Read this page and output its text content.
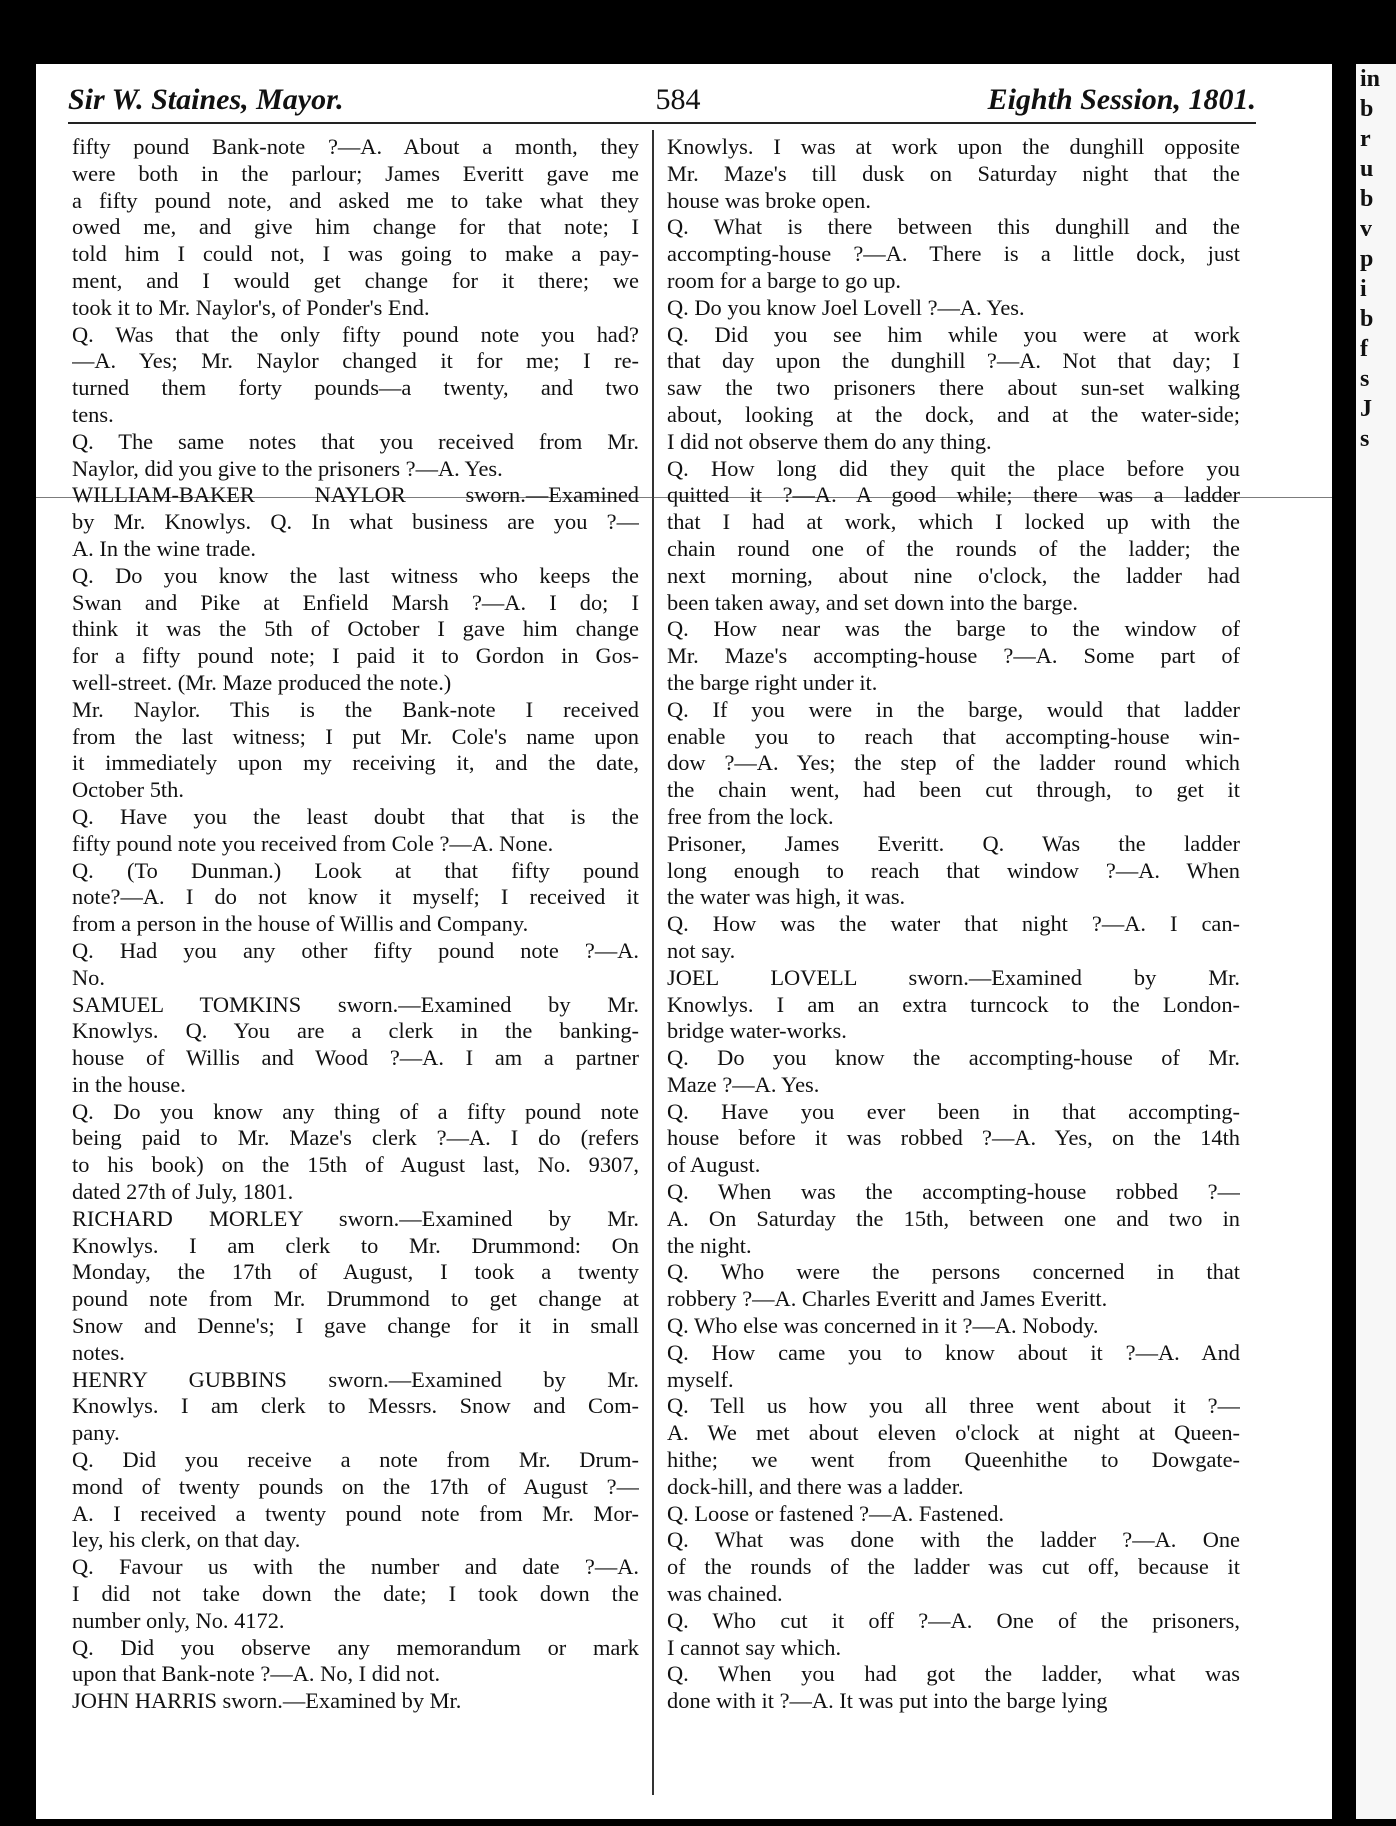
in
b
r
u
b
v
p
i
b
f
s
J
s
Sir W. Staines, Mayor.	584	Eighth Session, 1801.
fifty pound Bank-note ?—A. About a month, they
were both in the parlour; James Everitt gave me
a fifty pound note, and asked me to take what they
owed me, and give him change for that note; I
told him I could not, I was going to make a pay-
ment, and I would get change for it there; we
took it to Mr. Naylor's, of Ponder's End.
Q. Was that the only fifty pound note you had?
—A. Yes; Mr. Naylor changed it for me; I re-
turned them forty pounds—a twenty, and two
tens.
Q. The same notes that you received from Mr.
Naylor, did you give to the prisoners ?—A. Yes.
WILLIAM-BAKER NAYLOR sworn.—Examined
by Mr. Knowlys. Q. In what business are you ?—
A. In the wine trade.
Q. Do you know the last witness who keeps the
Swan and Pike at Enfield Marsh ?—A. I do; I
think it was the 5th of October I gave him change
for a fifty pound note; I paid it to Gordon in Gos-
well-street. (Mr. Maze produced the note.)
Mr. Naylor. This is the Bank-note I received
from the last witness; I put Mr. Cole's name upon
it immediately upon my receiving it, and the date,
October 5th.
Q. Have you the least doubt that that is the
fifty pound note you received from Cole ?—A. None.
Q. (To Dunman.) Look at that fifty pound
note?—A. I do not know it myself; I received it
from a person in the house of Willis and Company.
Q. Had you any other fifty pound note ?—A.
No.
SAMUEL TOMKINS sworn.—Examined by Mr.
Knowlys. Q. You are a clerk in the banking-
house of Willis and Wood ?—A. I am a partner
in the house.
Q. Do you know any thing of a fifty pound note
being paid to Mr. Maze's clerk ?—A. I do (refers
to his book) on the 15th of August last, No. 9307,
dated 27th of July, 1801.
RICHARD MORLEY sworn.—Examined by Mr.
Knowlys. I am clerk to Mr. Drummond: On
Monday, the 17th of August, I took a twenty
pound note from Mr. Drummond to get change at
Snow and Denne's; I gave change for it in small
notes.
HENRY GUBBINS sworn.—Examined by Mr.
Knowlys. I am clerk to Messrs. Snow and Com-
pany.
Q. Did you receive a note from Mr. Drum-
mond of twenty pounds on the 17th of August ?—
A. I received a twenty pound note from Mr. Mor-
ley, his clerk, on that day.
Q. Favour us with the number and date ?—A.
I did not take down the date; I took down the
number only, No. 4172.
Q. Did you observe any memorandum or mark
upon that Bank-note ?—A. No, I did not.
JOHN HARRIS sworn.—Examined by Mr.
Knowlys. I was at work upon the dunghill opposite
Mr. Maze's till dusk on Saturday night that the
house was broke open.
Q. What is there between this dunghill and the
accompting-house ?—A. There is a little dock, just
room for a barge to go up.
Q. Do you know Joel Lovell ?—A. Yes.
Q. Did you see him while you were at work
that day upon the dunghill ?—A. Not that day; I
saw the two prisoners there about sun-set walking
about, looking at the dock, and at the water-side;
I did not observe them do any thing.
Q. How long did they quit the place before you
quitted it ?—A. A good while; there was a ladder
that I had at work, which I locked up with the
chain round one of the rounds of the ladder; the
next morning, about nine o'clock, the ladder had
been taken away, and set down into the barge.
Q. How near was the barge to the window of
Mr. Maze's accompting-house ?—A. Some part of
the barge right under it.
Q. If you were in the barge, would that ladder
enable you to reach that accompting-house win-
dow ?—A. Yes; the step of the ladder round which
the chain went, had been cut through, to get it
free from the lock.
Prisoner, James Everitt. Q. Was the ladder
long enough to reach that window ?—A. When
the water was high, it was.
Q. How was the water that night ?—A. I can-
not say.
JOEL LOVELL sworn.—Examined by Mr.
Knowlys. I am an extra turncock to the London-
bridge water-works.
Q. Do you know the accompting-house of Mr.
Maze ?—A. Yes.
Q. Have you ever been in that accompting-
house before it was robbed ?—A. Yes, on the 14th
of August.
Q. When was the accompting-house robbed ?—
A. On Saturday the 15th, between one and two in
the night.
Q. Who were the persons concerned in that
robbery ?—A. Charles Everitt and James Everitt.
Q. Who else was concerned in it ?—A. Nobody.
Q. How came you to know about it ?—A. And
myself.
Q. Tell us how you all three went about it ?—
A. We met about eleven o'clock at night at Queen-
hithe; we went from Queenhithe to Dowgate-
dock-hill, and there was a ladder.
Q. Loose or fastened ?—A. Fastened.
Q. What was done with the ladder ?—A. One
of the rounds of the ladder was cut off, because it
was chained.
Q. Who cut it off ?—A. One of the prisoners,
I cannot say which.
Q. When you had got the ladder, what was
done with it ?—A. It was put into the barge lying
